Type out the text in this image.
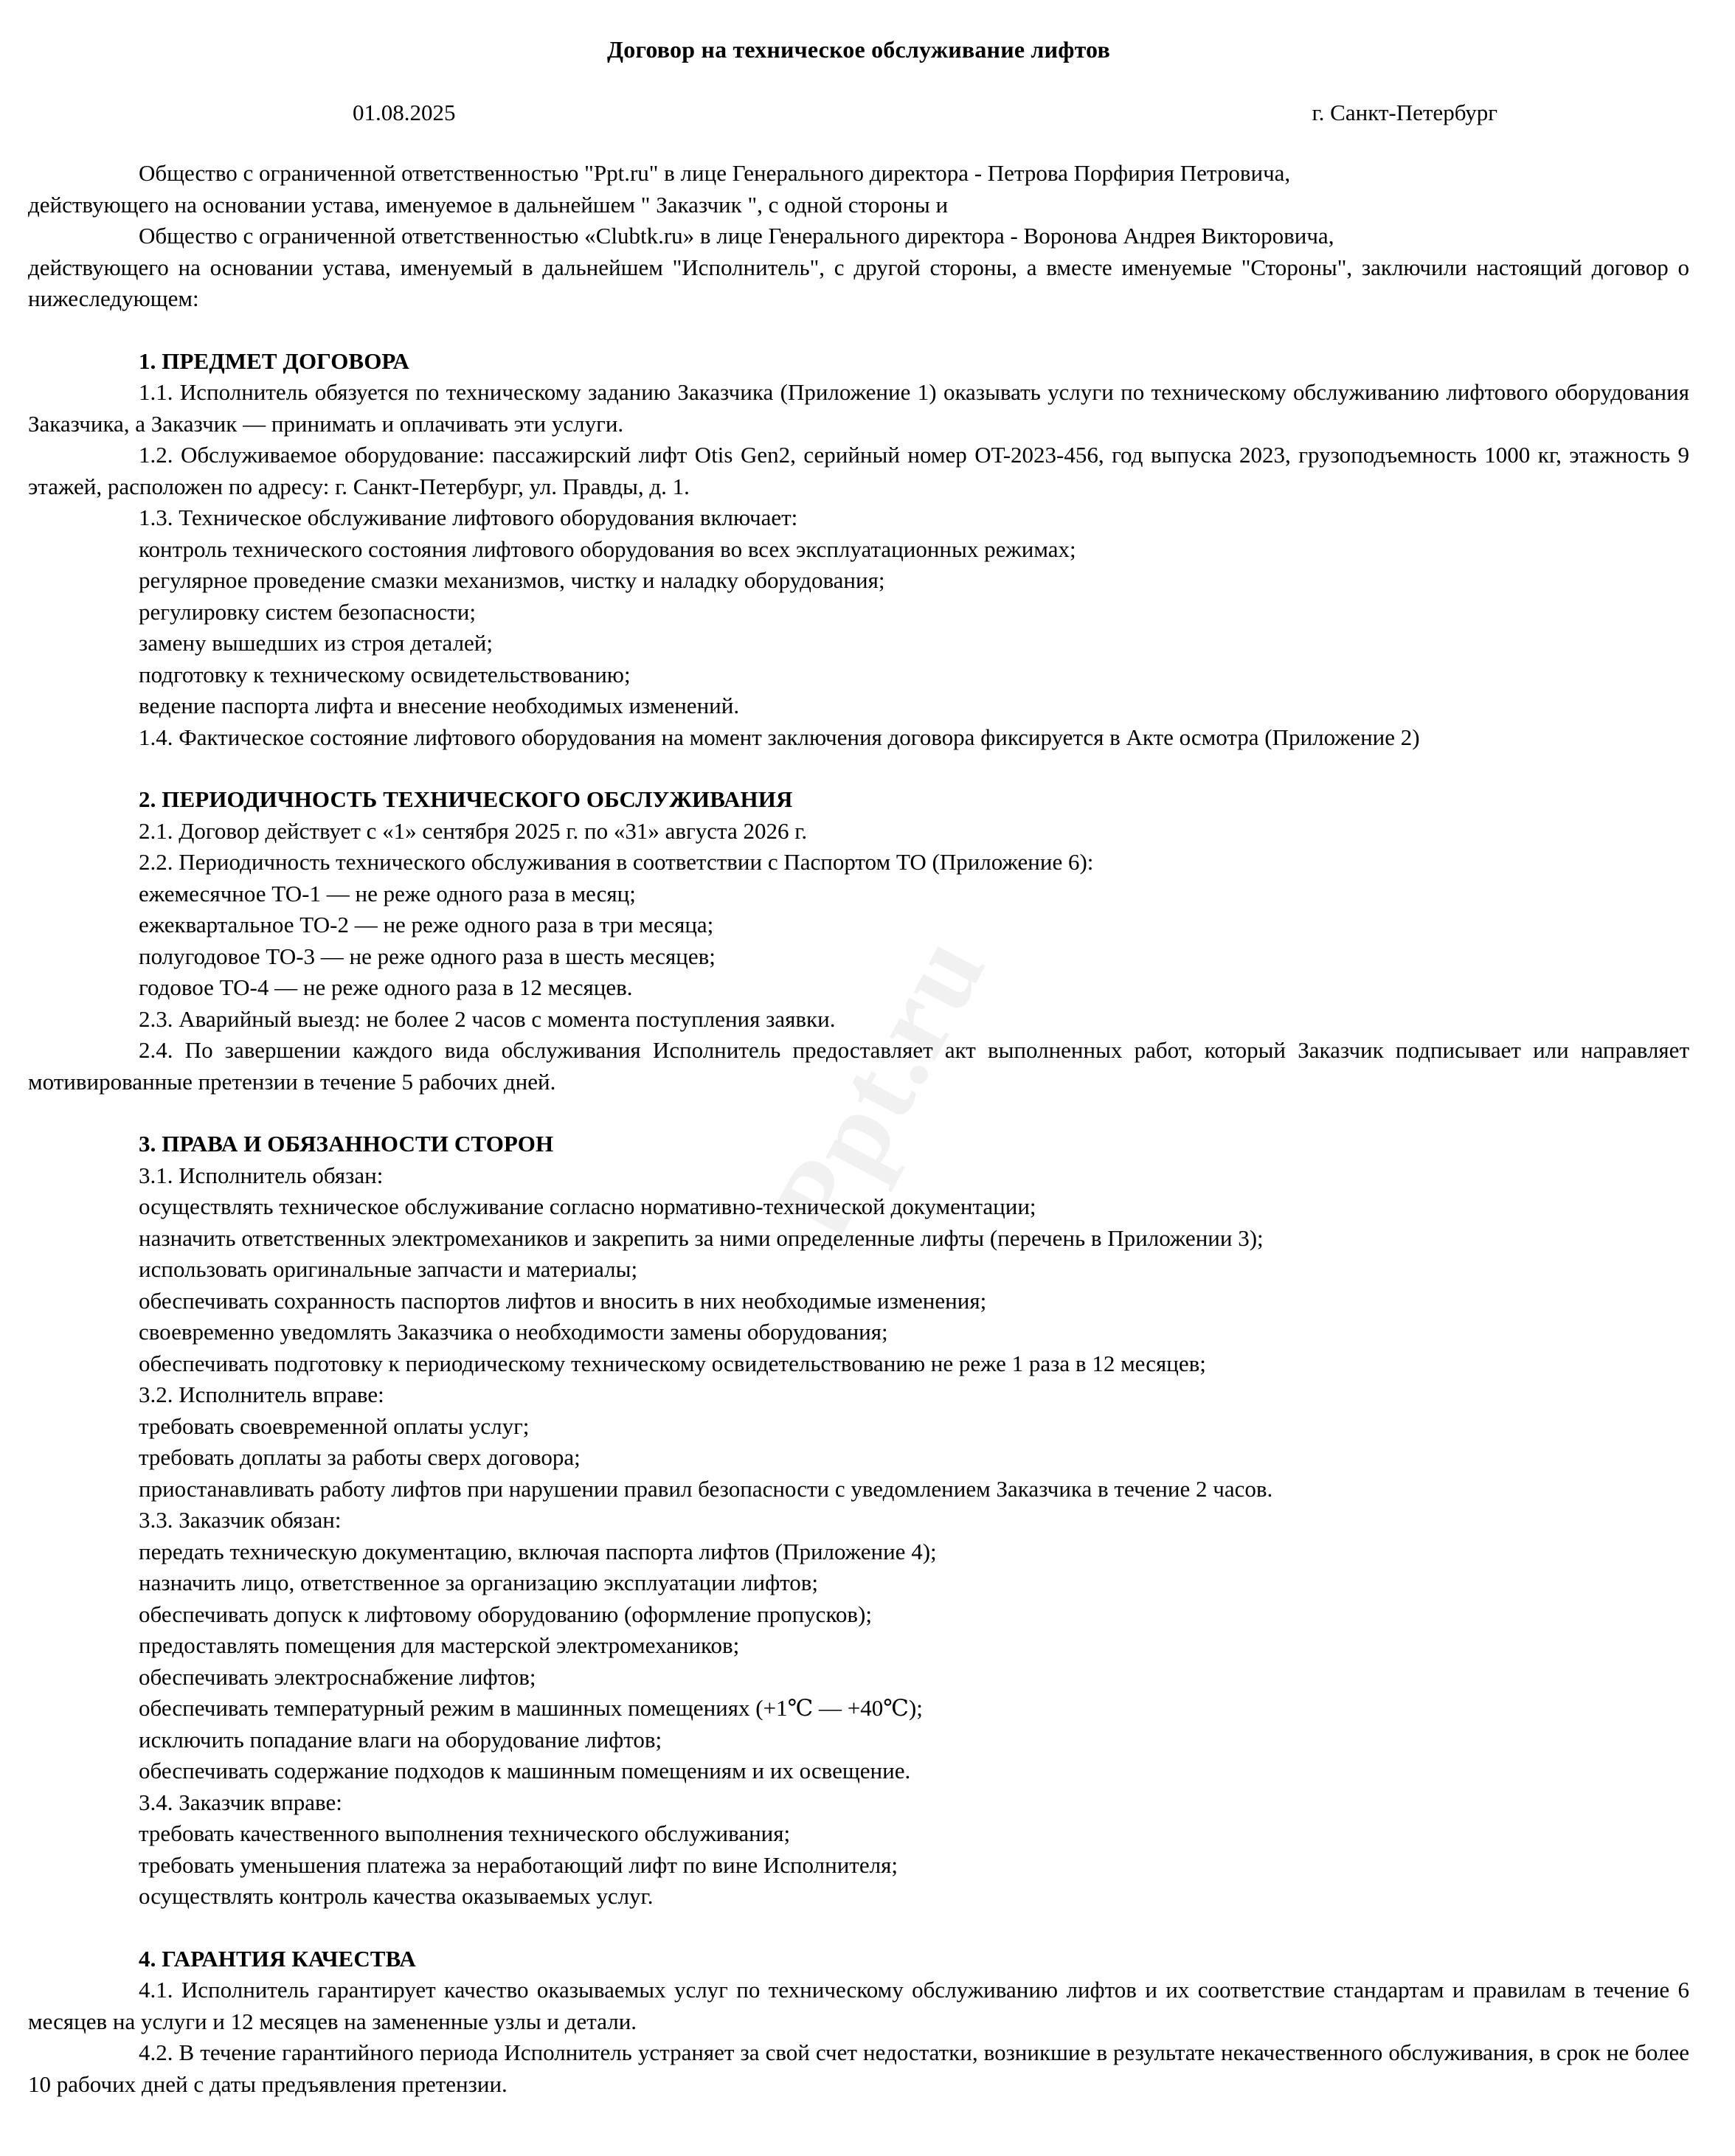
Ppt.ru
Договор на техническое обслуживание лифтов
01.08.2025	г. Санкт-Петербург

Общество с ограниченной ответственностью "Ppt.ru" в лице Генерального директора - Петрова Порфирия Петровича,

действующего на основании устава, именуемое в дальнейшем " Заказчик ", с одной стороны и

Общество с ограниченной ответственностью «Clubtk.ru» в лице Генерального директора - Воронова Андрея Викторовича,

действующего на основании устава, именуемый в дальнейшем "Исполнитель", с другой стороны, а вместе именуемые "Стороны", заключили настоящий договор о нижеследующем:

1. ПРЕДМЕТ ДОГОВОРА

1.1. Исполнитель обязуется по техническому заданию Заказчика (Приложение 1) оказывать услуги по техническому обслуживанию лифтового оборудования Заказчика, а Заказчик — принимать и оплачивать эти услуги.

1.2. Обслуживаемое оборудование: пассажирский лифт Otis Gen2, серийный номер OT-2023-456, год выпуска 2023, грузоподъемность 1000 кг, этажность 9 этажей, расположен по адресу: г. Санкт-Петербург, ул. Правды, д. 1.

1.3. Техническое обслуживание лифтового оборудования включает:

контроль технического состояния лифтового оборудования во всех эксплуатационных режимах;

регулярное проведение смазки механизмов, чистку и наладку оборудования;

регулировку систем безопасности;

замену вышедших из строя деталей;

подготовку к техническому освидетельствованию;

ведение паспорта лифта и внесение необходимых изменений.

1.4. Фактическое состояние лифтового оборудования на момент заключения договора фиксируется в Акте осмотра (Приложение 2)

2. ПЕРИОДИЧНОСТЬ ТЕХНИЧЕСКОГО ОБСЛУЖИВАНИЯ

2.1. Договор действует с «1» сентября 2025 г. по «31» августа 2026 г.

2.2. Периодичность технического обслуживания в соответствии с Паспортом ТО (Приложение 6):

ежемесячное ТО-1 — не реже одного раза в месяц;

ежеквартальное ТО-2 — не реже одного раза в три месяца;

полугодовое ТО-3 — не реже одного раза в шесть месяцев;

годовое ТО-4 — не реже одного раза в 12 месяцев.

2.3. Аварийный выезд: не более 2 часов с момента поступления заявки.

2.4. По завершении каждого вида обслуживания Исполнитель предоставляет акт выполненных работ, который Заказчик подписывает или направляет мотивированные претензии в течение 5 рабочих дней.

3. ПРАВА И ОБЯЗАННОСТИ СТОРОН

3.1. Исполнитель обязан:

осуществлять техническое обслуживание согласно нормативно-технической документации;

назначить ответственных электромехаников и закрепить за ними определенные лифты (перечень в Приложении 3);

использовать оригинальные запчасти и материалы;

обеспечивать сохранность паспортов лифтов и вносить в них необходимые изменения;

своевременно уведомлять Заказчика о необходимости замены оборудования;

обеспечивать подготовку к периодическому техническому освидетельствованию не реже 1 раза в 12 месяцев;

3.2. Исполнитель вправе:

требовать своевременной оплаты услуг;

требовать доплаты за работы сверх договора;

приостанавливать работу лифтов при нарушении правил безопасности с уведомлением Заказчика в течение 2 часов.

3.3. Заказчик обязан:

передать техническую документацию, включая паспорта лифтов (Приложение 4);

назначить лицо, ответственное за организацию эксплуатации лифтов;

обеспечивать допуск к лифтовому оборудованию (оформление пропусков);

предоставлять помещения для мастерской электромехаников;

обеспечивать электроснабжение лифтов;

обеспечивать температурный режим в машинных помещениях (+1℃ — +40℃);

исключить попадание влаги на оборудование лифтов;

обеспечивать содержание подходов к машинным помещениям и их освещение.

3.4. Заказчик вправе:

требовать качественного выполнения технического обслуживания;

требовать уменьшения платежа за неработающий лифт по вине Исполнителя;

осуществлять контроль качества оказываемых услуг.

4. ГАРАНТИЯ КАЧЕСТВА

4.1. Исполнитель гарантирует качество оказываемых услуг по техническому обслуживанию лифтов и их соответствие стандартам и правилам в течение 6 месяцев на услуги и 12 месяцев на замененные узлы и детали.

4.2. В течение гарантийного периода Исполнитель устраняет за свой счет недостатки, возникшие в результате некачественного обслуживания, в срок не более 10 рабочих дней с даты предъявления претензии.
